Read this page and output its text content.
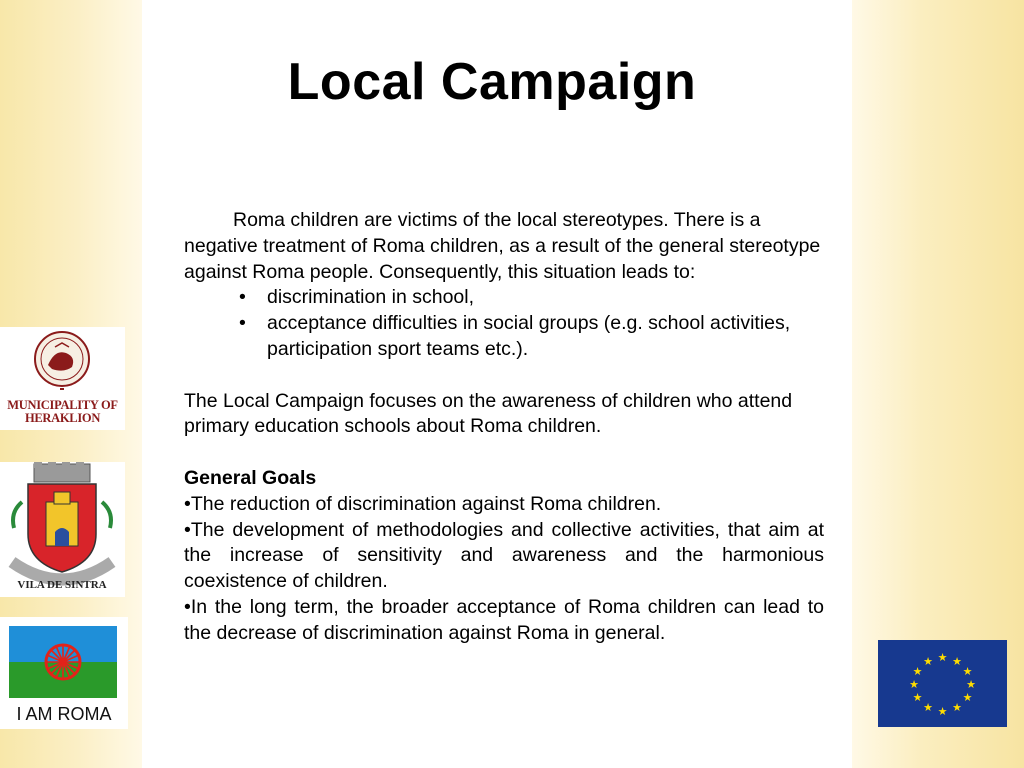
Local Campaign

Roma children are victims of the local stereotypes. There is a negative treatment of Roma children, as a result of the general stereotype against Roma people. Consequently, this situation leads to:

• discrimination in school,
• acceptance difficulties in social groups (e.g. school activities, participation sport teams etc.).

The Local Campaign focuses on the awareness of children who attend primary education schools about Roma children.

General Goals

•The reduction of discrimination against Roma children.

•The development of methodologies and collective activities, that aim at the increase of sensitivity and awareness and the harmonious coexistence of children.

•In the long term, the broader acceptance of Roma children can lead to the decrease of discrimination against Roma in general.

MUNICIPALITY OF
HERAKLION
VILA DE SINTRA
I AM ROMA
★ ★
★
★
★
★
★
★
★
★
★
★
